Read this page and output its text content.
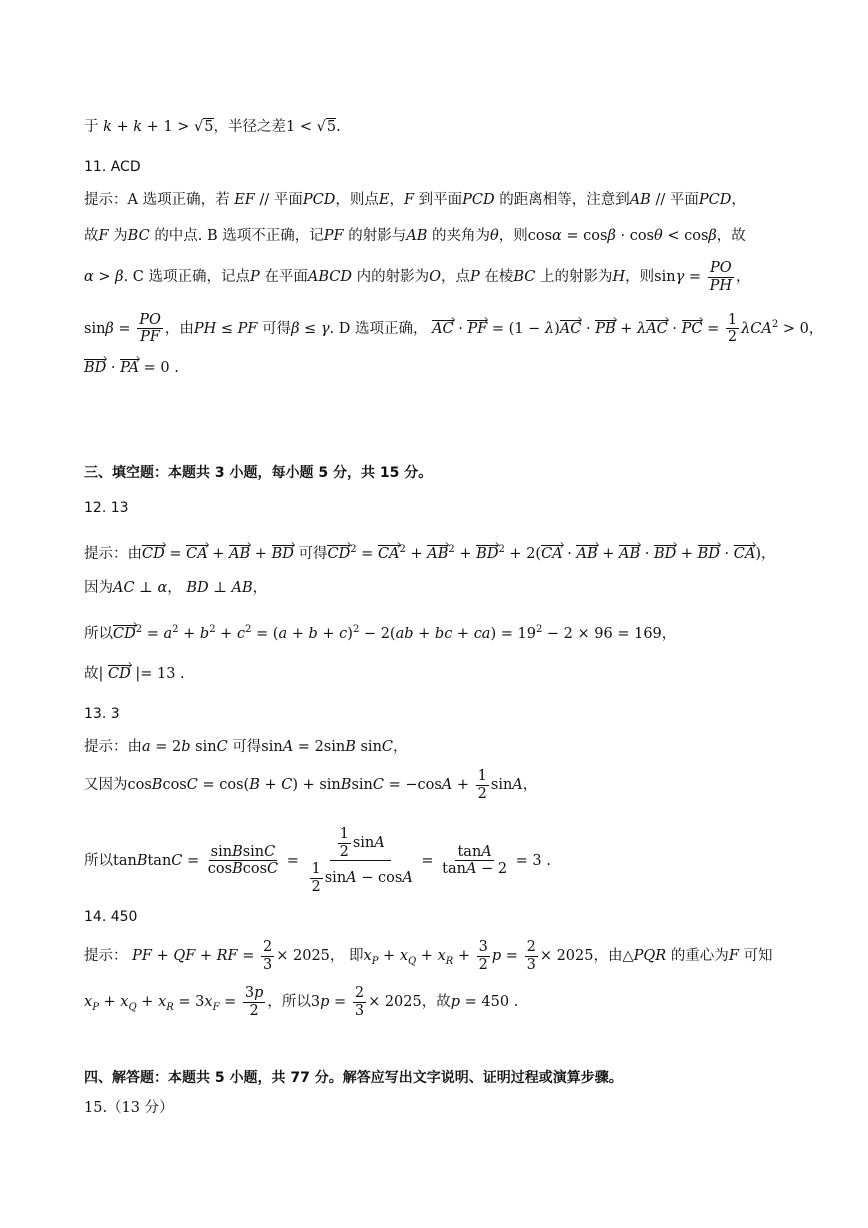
于 k + k + 1 > √5，半径之差1 < √5.
11. ACD
提示：A 选项正确，若 EF // 平面PCD，则点E，F 到平面PCD 的距离相等，注意到AB // 平面PCD，
故F 为BC 的中点. B 选项不正确，记PF 的射影与AB 的夹角为θ，则cosα = cosβ · cosθ < cosβ，故
α > β. C 选项正确，记点P 在平面ABCD 内的射影为O，点P 在棱BC 上的射影为H，则$\sin\gamma = \frac{PO}{PH}$ ，
$\sin\beta = \frac{PO}{PF}$ ，由PH ≤ PF 可得β ≤ γ. D 选项正确， AC · PF = (1 − λ)AC · PB + λAC · PC = $\frac{1}{2} \lambda CA^2 > 0$，
BD · PA = 0 .
三、填空题：本题共 3 小题，每小题 5 分，共 15 分。
12. 13
提示：由CD = CA + AB + BD 可得$CD^2 = CA^2 + AB^2 + BD^2 + 2(CA$ · AB + AB · BD + BD · CA)，
因为AC ⊥ α， BD ⊥ AB，
所以$CD^2 = a^2 + b^2 + c^2 = (a + b + c)^2 - 2(ab$ + bc + $ca) = 19^2 - 2 \times 96 = 169$，
故| CD |= 13 .
13. 3
提示：由a = 2b sinC 可得sinA = 2sinB sinC，
又因为cosBcosC = cos(B + C) + sinBsinC = $-\cos A + \frac{1}{2}$ sinA，
所以tanBtanC = $\frac{\text{sinBsinC}}{\text{cosBcosC}} = \frac{\frac{1}{2} \sin A}{\frac{1}{2} \sin A - \cos A} = \frac{\tan A}{\tan A - 2} = 3$ .
14. 450
提示： PF + QF + RF = $\frac{2}{3} \times 2025$， 即$x_P + x_Q + x_R + \frac{3}{2}$ $p = \frac{2}{3} \times 2025$，由△PQR 的重心为F 可知
$x_P + x_Q + x_R = 3x_F = \frac{3p}{2}$ ，所以$3p = \frac{2}{3} \times 2025$，故p = 450 .
四、解答题：本题共 5 小题，共 77 分。解答应写出文字说明、证明过程或演算步骤。
15.（13 分）
